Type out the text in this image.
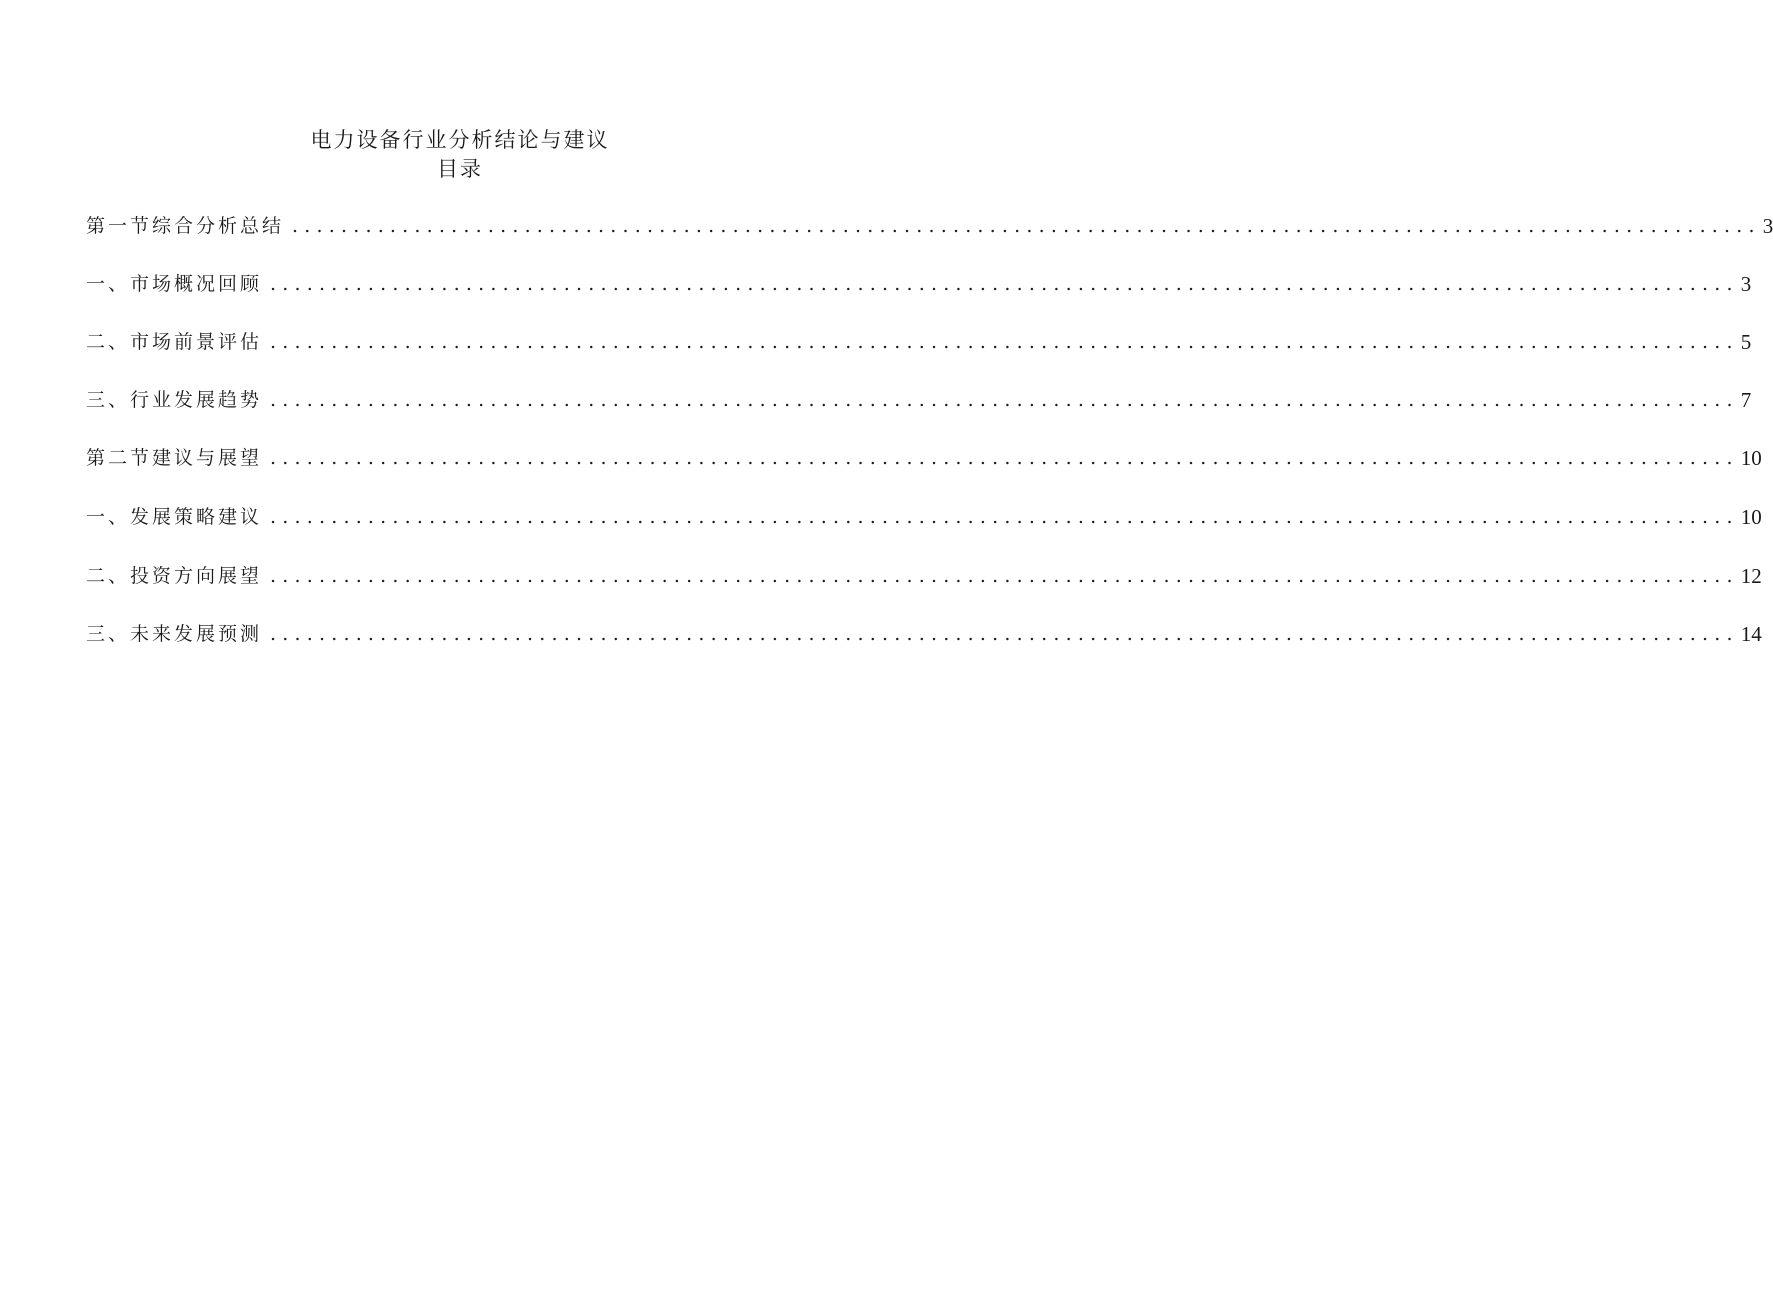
电力设备行业分析结论与建议
目录
第一节综合分析总结 ........................................................................................................................ 3
一、市场概况回顾 ........................................................................................................................ 3
二、市场前景评估 ........................................................................................................................ 5
三、行业发展趋势 ........................................................................................................................ 7
第二节建议与展望 ........................................................................................................................ 10
一、发展策略建议 ........................................................................................................................ 10
二、投资方向展望 ........................................................................................................................ 12
三、未来发展预测 ........................................................................................................................ 14
